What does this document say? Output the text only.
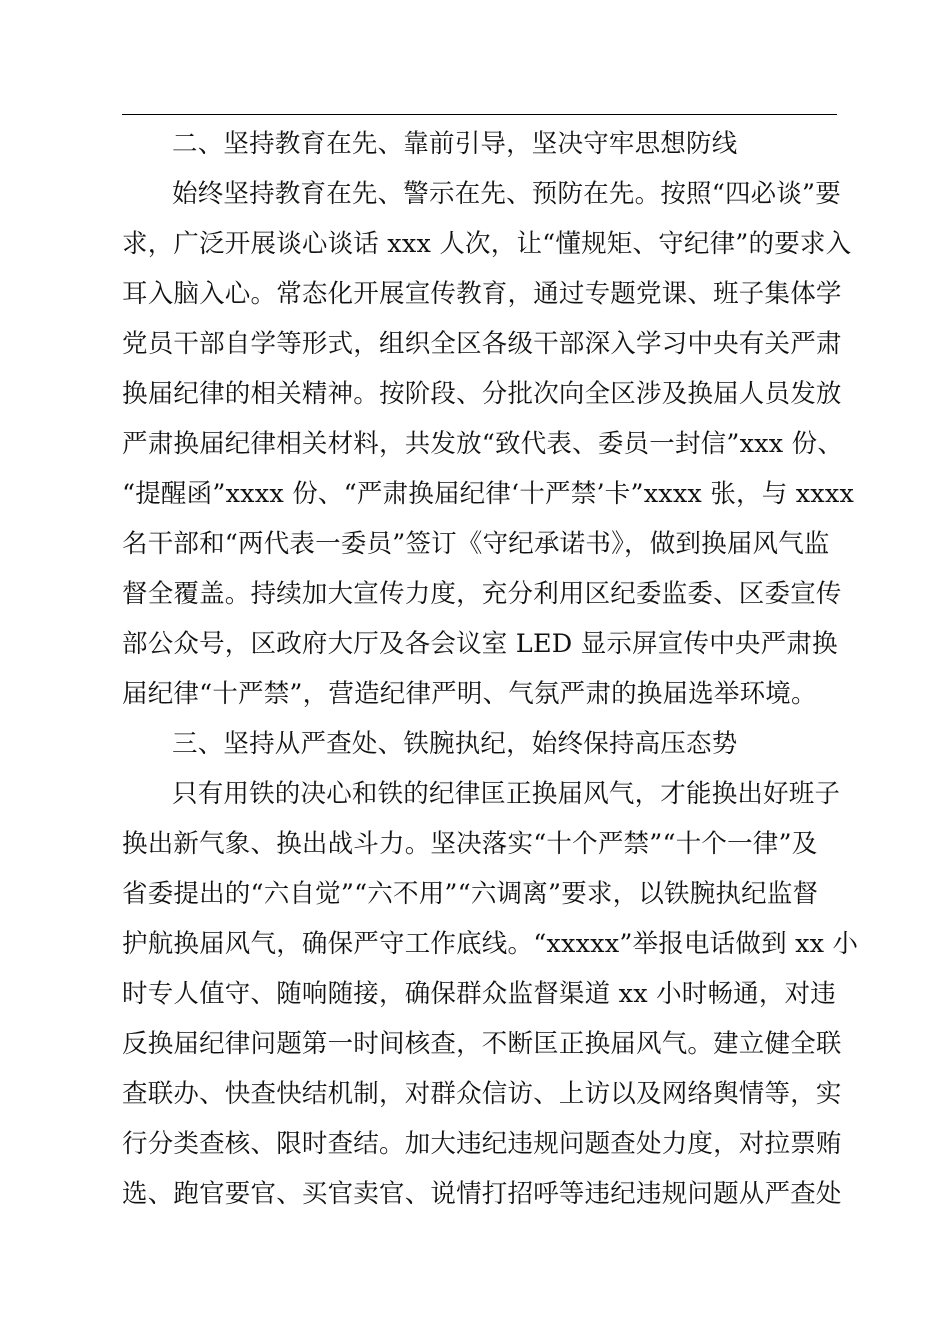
二、坚持教育在先、靠前引导，坚决守牢思想防线
始终坚持教育在先、警示在先、预防在先。按照“四必谈”要
求，广泛开展谈心谈话 xxx 人次，让“懂规矩、守纪律”的要求入
耳入脑入心。常态化开展宣传教育，通过专题党课、班子集体学
党员干部自学等形式，组织全区各级干部深入学习中央有关严肃
换届纪律的相关精神。按阶段、分批次向全区涉及换届人员发放
严肃换届纪律相关材料，共发放“致代表、委员一封信”xxx 份、
“提醒函”xxxx 份、“严肃换届纪律‘十严禁’卡”xxxx 张，与 xxxx
名干部和“两代表一委员”签订《守纪承诺书》，做到换届风气监
督全覆盖。持续加大宣传力度，充分利用区纪委监委、区委宣传
部公众号，区政府大厅及各会议室 LED 显示屏宣传中央严肃换
届纪律“十严禁”，营造纪律严明、气氛严肃的换届选举环境。
三、坚持从严查处、铁腕执纪，始终保持高压态势
只有用铁的决心和铁的纪律匡正换届风气，才能换出好班子
换出新气象、换出战斗力。坚决落实“十个严禁”“十个一律”及
省委提出的“六自觉”“六不用”“六调离”要求，以铁腕执纪监督
护航换届风气，确保严守工作底线。“xxxxx”举报电话做到 xx 小
时专人值守、随响随接，确保群众监督渠道 xx 小时畅通，对违
反换届纪律问题第一时间核查，不断匡正换届风气。建立健全联
查联办、快查快结机制，对群众信访、上访以及网络舆情等，实
行分类查核、限时查结。加大违纪违规问题查处力度，对拉票贿
选、跑官要官、买官卖官、说情打招呼等违纪违规问题从严查处
